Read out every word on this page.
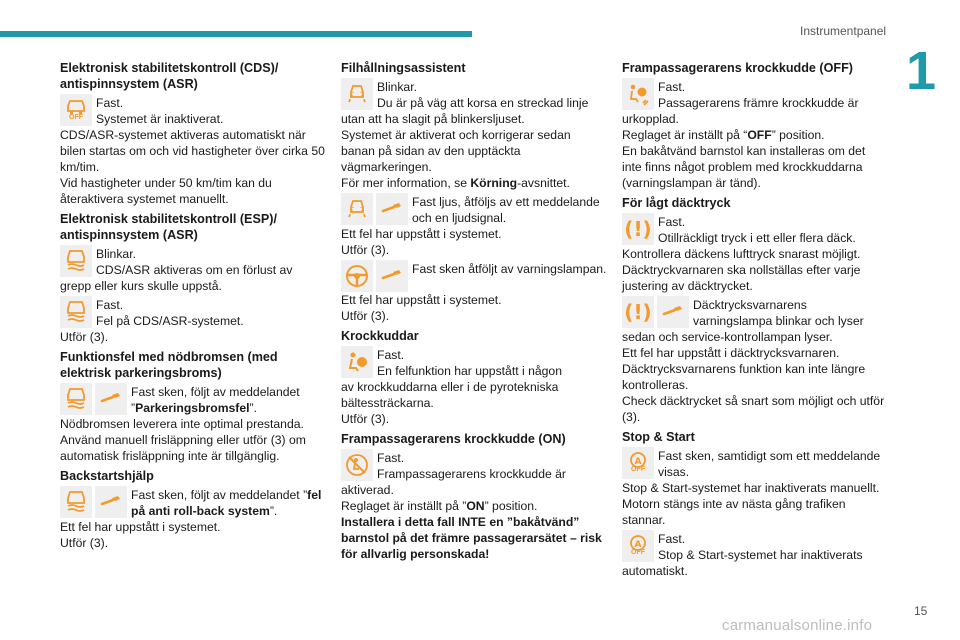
Instrumentpanel
1
Elektronisk stabilitetskontroll (CDS)/ antispinnsystem (ASR)
OFF
Fast.
Systemet är inaktiverat.

CDS/ASR-systemet aktiveras automatiskt när bilen startas om och vid hastigheter över cirka 50 km/tim.

Vid hastigheter under 50 km/tim kan du återaktivera systemet manuellt.

Elektronisk stabilitetskontroll (ESP)/ antispinnsystem (ASR)
Blinkar.
CDS/ASR aktiveras om en förlust av

grepp eller kurs skulle uppstå.

Fast.
Fel på CDS/ASR-systemet.

Utför (3).

Funktionsfel med nödbromsen (med elektrisk parkeringsbroms)
Fast sken, följt av meddelandet ”Parkeringsbromsfel”.

Nödbromsen leverera inte optimal prestanda.

Använd manuell frisläppning eller utför (3) om automatisk frisläppning inte är tillgänglig.

Backstartshjälp
Fast sken, följt av meddelandet ”fel på anti roll-back system”.

Ett fel har uppstått i systemet.

Utför (3).

Filhållningsassistent
Blinkar.
Du är på väg att korsa en streckad linje

utan att ha slagit på blinkersljuset.

Systemet är aktiverat och korrigerar sedan banan på sidan av den upptäckta vägmarkeringen.

För mer information, se Körning-avsnittet.

Fast ljus, åtföljs av ett meddelande och en ljudsignal.

Ett fel har uppstått i systemet.

Utför (3).

Fast sken åtföljt av varningslampan.

Ett fel har uppstått i systemet.

Utför (3).

Krockkuddar
Fast.
En felfunktion har uppstått i någon

av krockkuddarna eller i de pyrotekniska bältessträckarna.

Utför (3).

Frampassagerarens krockkudde (ON)
Fast.
Frampassagerarens krockkudde är

aktiverad.

Reglaget är inställt på ”ON” position.

Installera i detta fall INTE en ”bakåtvänd” barnstol på det främre passagerarsätet – risk för allvarlig personskada!

Frampassagerarens krockkudde (OFF)
Fast.
Passagerarens främre krockkudde är

urkopplad.

Reglaget är inställt på “OFF” position.

En bakåtvänd barnstol kan installeras om det inte finns något problem med krockkuddarna (varningslampan är tänd).

För lågt däcktryck
(!) Fast.
Otillräckligt tryck i ett eller flera däck.

Kontrollera däckens lufttryck snarast möjligt.

Däcktryckvarnaren ska nollställas efter varje justering av däcktrycket.

(!)	Däcktrycksvarnarens varningslampa blinkar och lyser

sedan och service-kontrollampan lyser.

Ett fel har uppstått i däcktrycksvarnaren.

Däcktrycksvarnarens funktion kan inte längre kontrolleras.

Check däcktrycket så snart som möjligt och utför (3).

Stop & Start
OFF
Fast sken, samtidigt som ett meddelande visas.

Stop & Start-systemet har inaktiverats manuellt.

Motorn stängs inte av nästa gång trafiken stannar.

OFF
Fast.
Stop & Start-systemet har inaktiverats

automatiskt.

15
carmanualsonline.info
